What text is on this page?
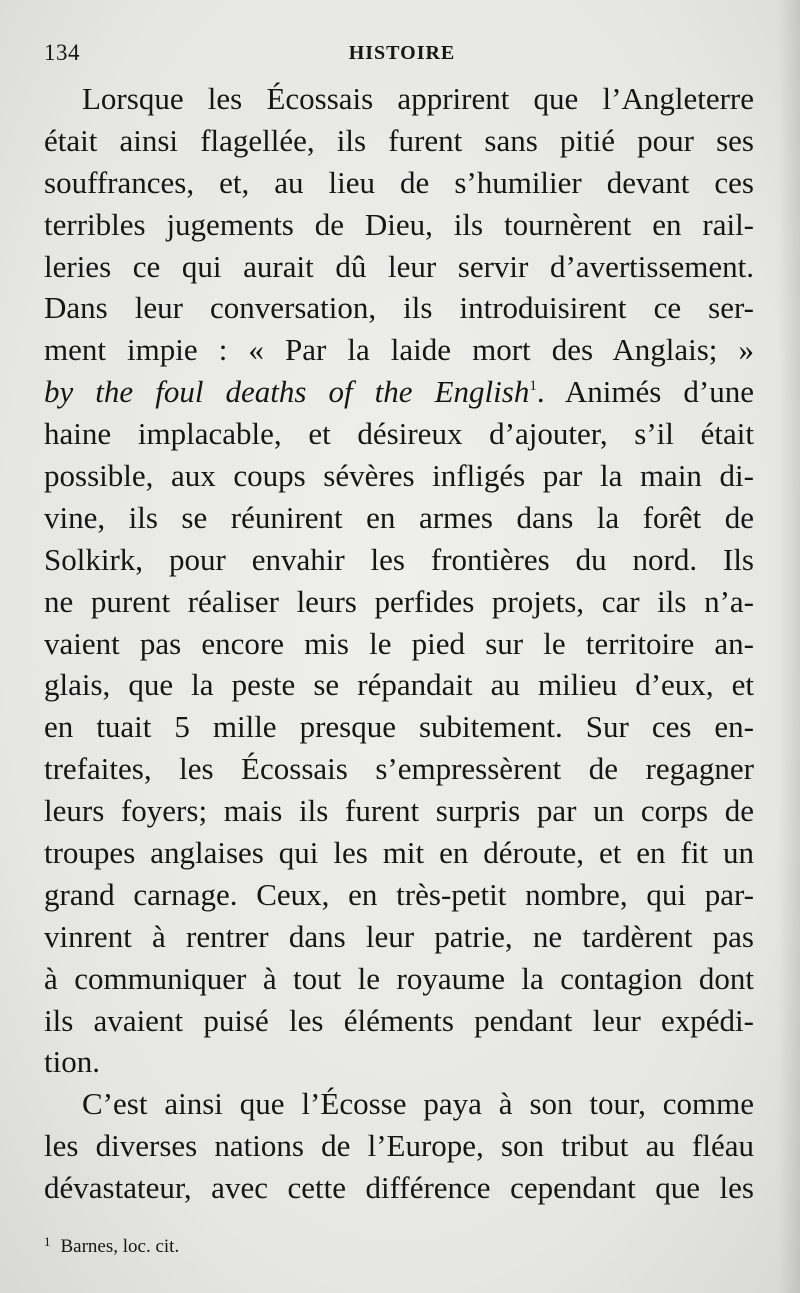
134	HISTOIRE
Lorsque les Écossais apprirent que l’Angleterre
était ainsi flagellée, ils furent sans pitié pour ses
souffrances, et, au lieu de s’humilier devant ces
terribles jugements de Dieu, ils tournèrent en rail-
leries ce qui aurait dû leur servir d’avertissement.
Dans leur conversation, ils introduisirent ce ser-
ment impie : « Par la laide mort des Anglais; »
by the foul deaths of the English$^1$. Animés d’une
haine implacable, et désireux d’ajouter, s’il était
possible, aux coups sévères infligés par la main di-
vine, ils se réunirent en armes dans la forêt de
Solkirk, pour envahir les frontières du nord. Ils
ne purent réaliser leurs perfides projets, car ils n’a-
vaient pas encore mis le pied sur le territoire an-
glais, que la peste se répandait au milieu d’eux, et
en tuait 5 mille presque subitement. Sur ces en-
trefaites, les Écossais s’empressèrent de regagner
leurs foyers; mais ils furent surpris par un corps de
troupes anglaises qui les mit en déroute, et en fit un
grand carnage. Ceux, en très-petit nombre, qui par-
vinrent à rentrer dans leur patrie, ne tardèrent pas
à communiquer à tout le royaume la contagion dont
ils avaient puisé les éléments pendant leur expédi-
tion.
C’est ainsi que l’Écosse paya à son tour, comme
les diverses nations de l’Europe, son tribut au fléau
dévastateur, avec cette différence cependant que les
$^1$ Barnes, loc. cit.
